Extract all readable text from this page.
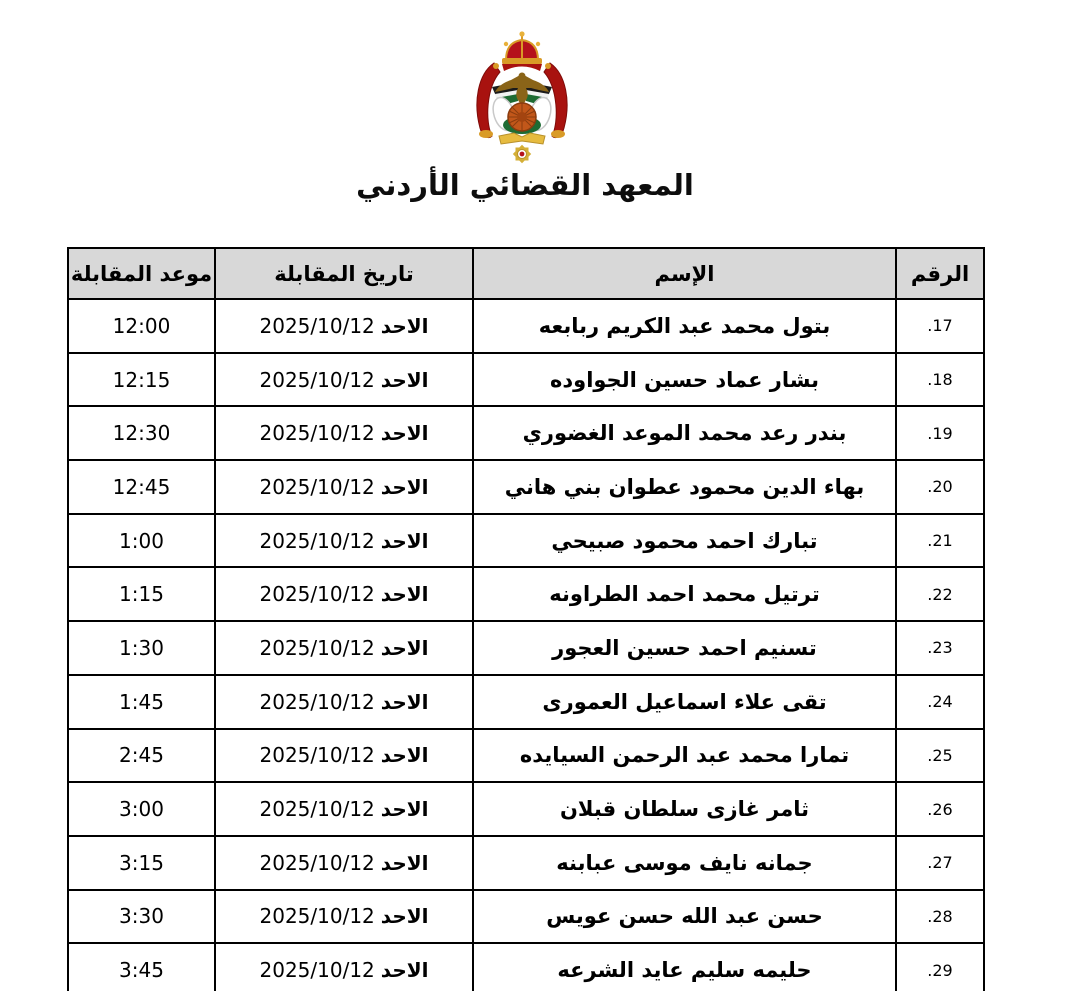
المعهد القضائي الأردني
الرقم	الإسم	تاريخ المقابلة	موعد المقابلة
17.	بتول محمد عبد الكريم ربابعه	الاحد2025/10/12	12:00
18.	بشار عماد حسين الجواوده	الاحد2025/10/12	12:15
19.	بندر رعد محمد الموعد الغضوري	الاحد2025/10/12	12:30
20.	بهاء الدين محمود عطوان بني هاني	الاحد2025/10/12	12:45
21.	تبارك احمد محمود صبيحي	الاحد2025/10/12	1:00
22.	ترتيل محمد احمد الطراونه	الاحد2025/10/12	1:15
23.	تسنيم احمد حسين العجور	الاحد2025/10/12	1:30
24.	تقى علاء اسماعيل العمورى	الاحد2025/10/12	1:45
25.	تمارا محمد عبد الرحمن السيايده	الاحد2025/10/12	2:45
26.	ثامر غازى سلطان قبلان	الاحد2025/10/12	3:00
27.	جمانه نايف موسى عبابنه	الاحد2025/10/12	3:15
28.	حسن عبد الله حسن عويس	الاحد2025/10/12	3:30
29.	حليمه سليم عايد الشرعه	الاحد2025/10/12	3:45
